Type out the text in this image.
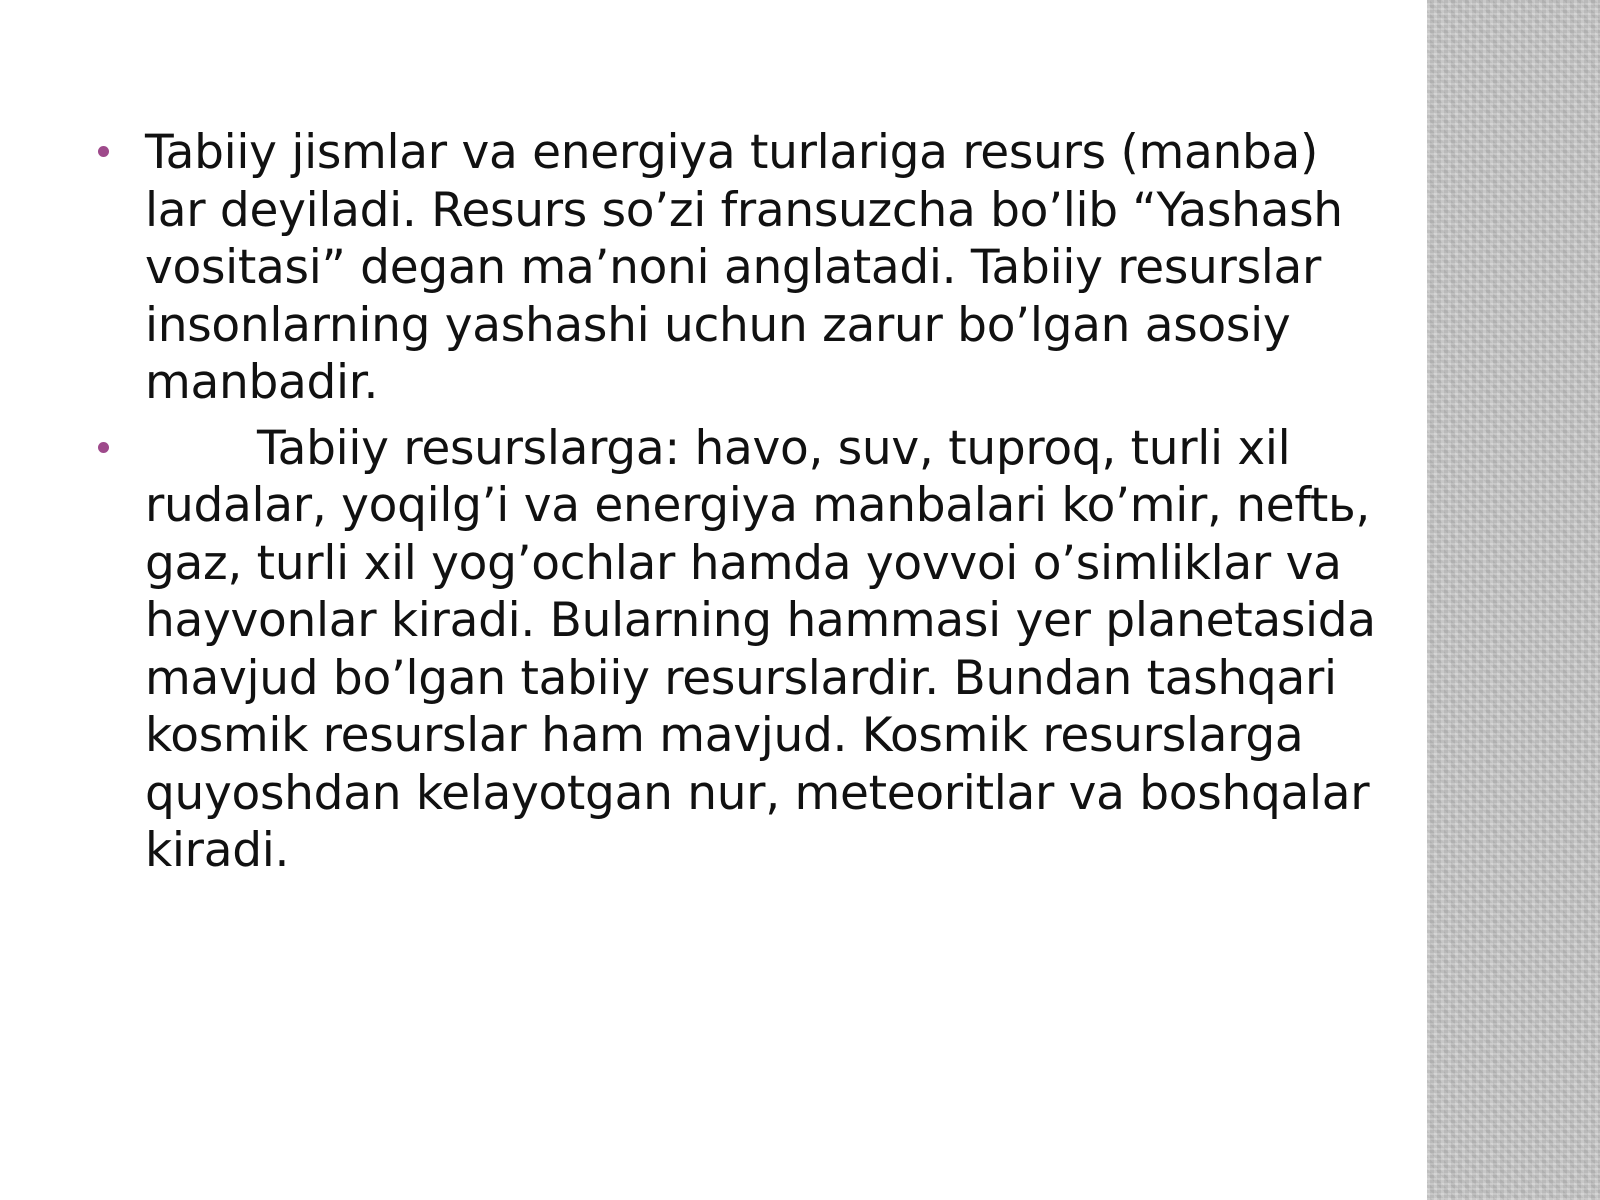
Tabiiy jismlar va energiya turlariga resurs (manba) lar deyiladi. Resurs so’zi fransuzcha bo’lib “Yashash vositasi” degan ma’noni anglatadi. Tabiiy resurslar insonlarning yashashi uchun zarur bo’lgan asosiy manbadir.
Tabiiy resurslarga: havo, suv, tuproq, turli xil rudalar, yoqilg’i va energiya manbalari ko’mir, neftь, gaz, turli xil yog’ochlar hamda yovvoi o’simliklar va hayvonlar kiradi. Bularning hammasi yer planetasida mavjud bo’lgan tabiiy resurslardir. Bundan tashqari kosmik resurslar ham mavjud. Kosmik resurslarga quyoshdan kelayotgan nur, meteoritlar va boshqalar kiradi.
